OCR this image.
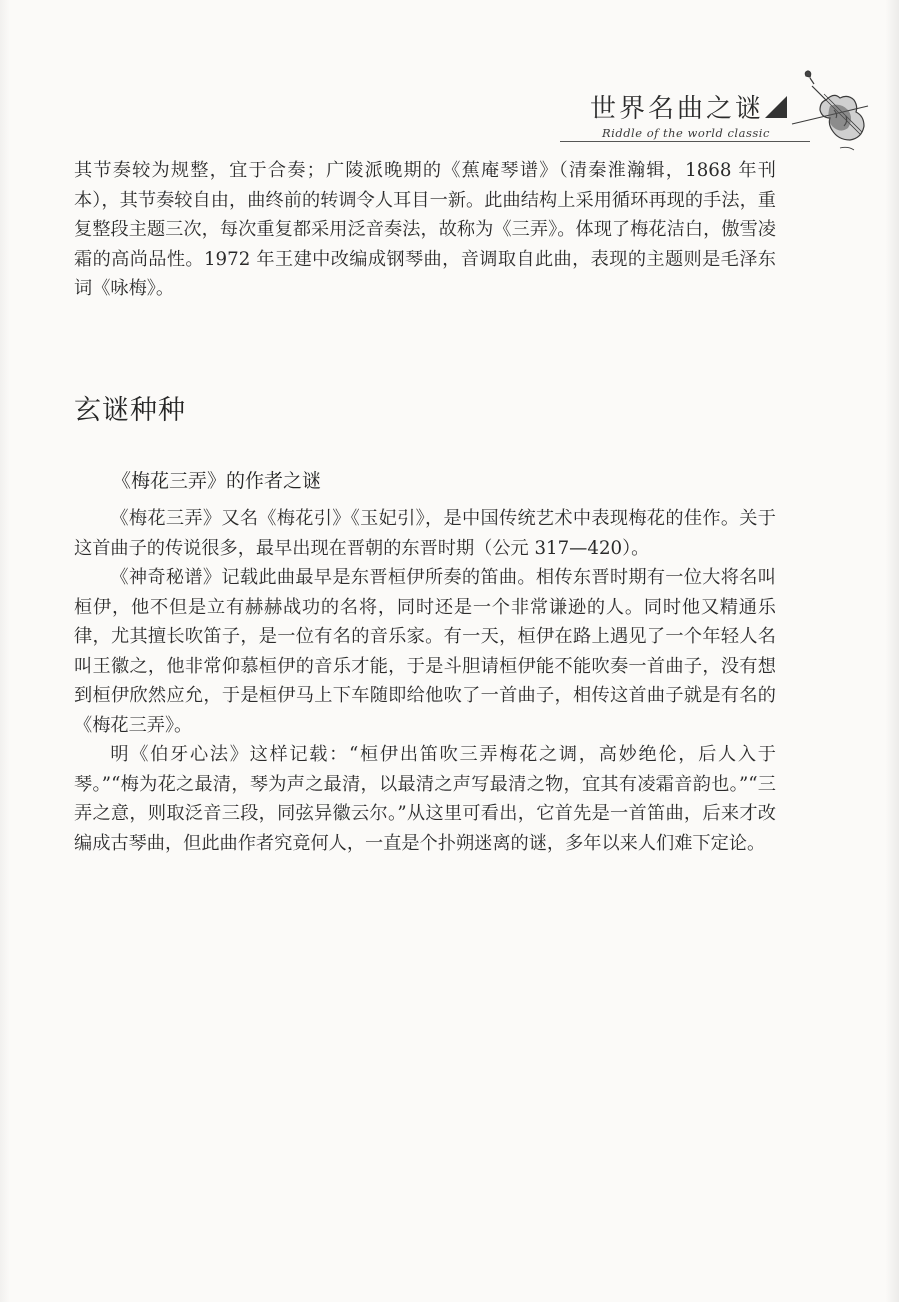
世界名曲之谜
Riddle of the world classic

其节奏较为规整，宜于合奏；广陵派晚期的《蕉庵琴谱》（清秦淮瀚辑，1868 年刊本），其节奏较自由，曲终前的转调令人耳目一新。此曲结构上采用循环再现的手法，重复整段主题三次，每次重复都采用泛音奏法，故称为《三弄》。体现了梅花洁白，傲雪凌霜的高尚品性。1972 年王建中改编成钢琴曲，音调取自此曲，表现的主题则是毛泽东词《咏梅》。

玄谜种种
《梅花三弄》的作者之谜

《梅花三弄》又名《梅花引》《玉妃引》，是中国传统艺术中表现梅花的佳作。关于这首曲子的传说很多，最早出现在晋朝的东晋时期（公元 317—420）。

《神奇秘谱》记载此曲最早是东晋桓伊所奏的笛曲。相传东晋时期有一位大将名叫桓伊，他不但是立有赫赫战功的名将，同时还是一个非常谦逊的人。同时他又精通乐律，尤其擅长吹笛子，是一位有名的音乐家。有一天，桓伊在路上遇见了一个年轻人名叫王徽之，他非常仰慕桓伊的音乐才能，于是斗胆请桓伊能不能吹奏一首曲子，没有想到桓伊欣然应允，于是桓伊马上下车随即给他吹了一首曲子，相传这首曲子就是有名的《梅花三弄》。

明《伯牙心法》这样记载：“桓伊出笛吹三弄梅花之调，高妙绝伦，后人入于琴。”“梅为花之最清，琴为声之最清，以最清之声写最清之物，宜其有凌霜音韵也。”“三弄之意，则取泛音三段，同弦异徽云尔。”从这里可看出，它首先是一首笛曲，后来才改编成古琴曲，但此曲作者究竟何人，一直是个扑朔迷离的谜，多年以来人们难下定论。
